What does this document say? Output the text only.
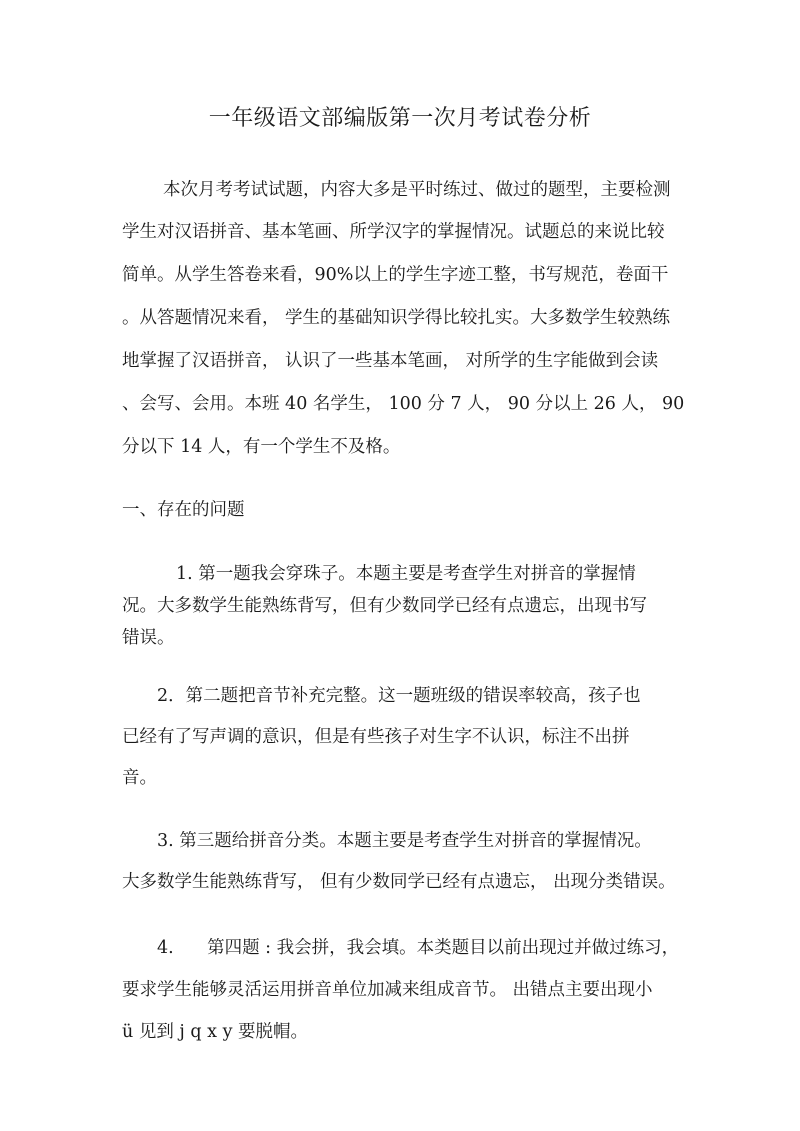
一年级语文部编版第一次月考试卷分析
本次月考考试试题，内容大多是平时练过、做过的题型，主要检测
学生对汉语拼音、基本笔画、所学汉字的掌握情况。试题总的来说比较
简单。从学生答卷来看，90%以上的学生字迹工整，书写规范，卷面干
。从答题情况来看， 学生的基础知识学得比较扎实。大多数学生较熟练
地掌握了汉语拼音， 认识了一些基本笔画， 对所学的生字能做到会读
、会写、会用。本班 40 名学生， 100 分 7 人， 90 分以上 26 人， 90
分以下 14 人，有一个学生不及格。
一、存在的问题
1. 第一题我会穿珠子。本题主要是考查学生对拼音的掌握情
况。大多数学生能熟练背写，但有少数同学已经有点遗忘，出现书写
错误。
2．第二题把音节补充完整。这一题班级的错误率较高，孩子也
已经有了写声调的意识，但是有些孩子对生字不认识，标注不出拼
音。
3. 第三题给拼音分类。本题主要是考查学生对拼音的掌握情况。
大多数学生能熟练背写， 但有少数同学已经有点遗忘， 出现分类错误。
4.      第四题 : 我会拼，我会填。本类题目以前出现过并做过练习，
要求学生能够灵活运用拼音单位加减来组成音节。 出错点主要出现小
ü 见到 j q x y 要脱帽。
